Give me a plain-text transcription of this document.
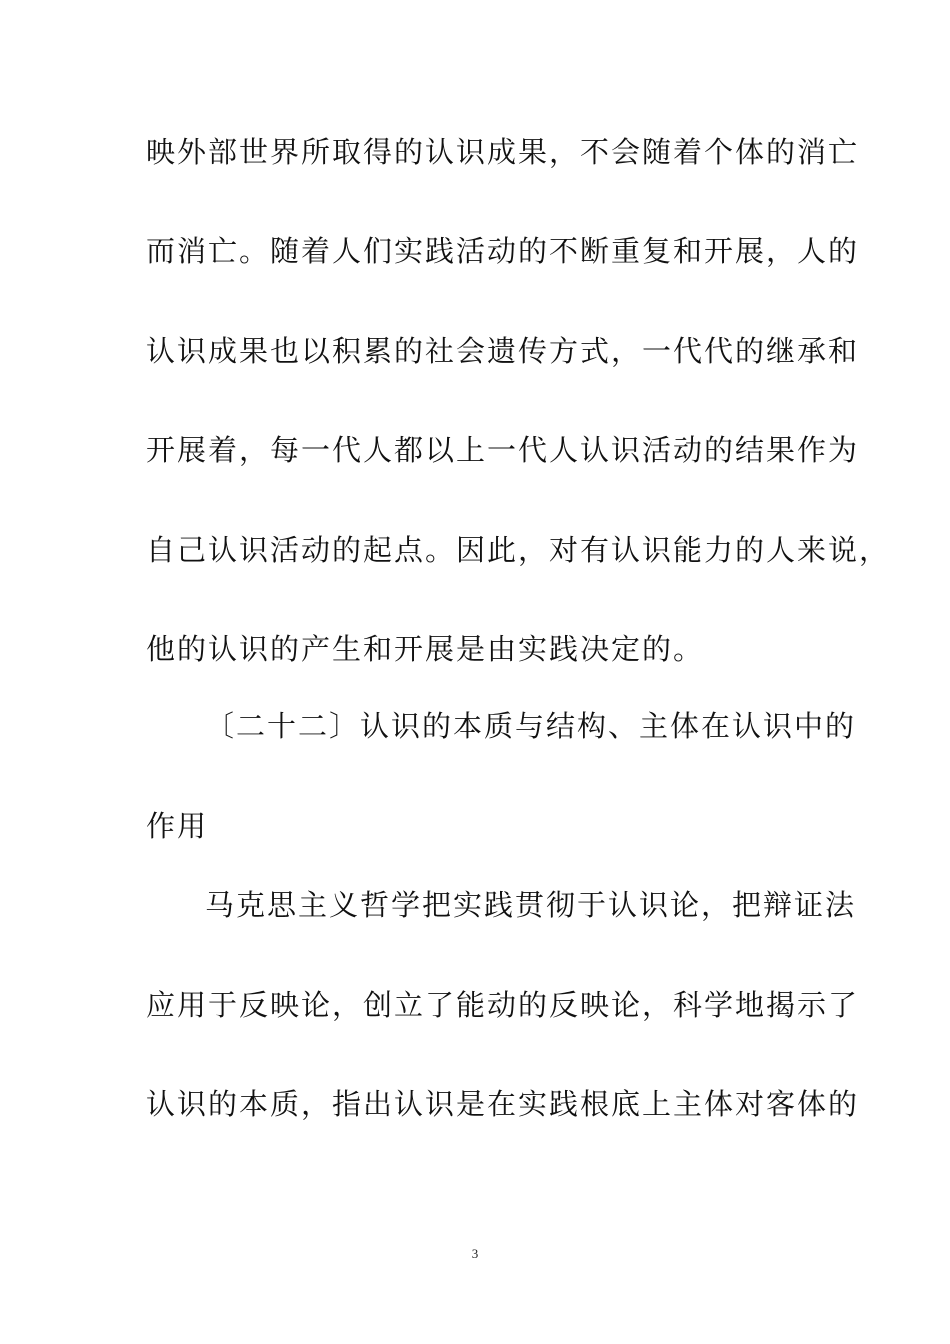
映外部世界所取得的认识成果，不会随着个体的消亡
而消亡。随着人们实践活动的不断重复和开展，人的
认识成果也以积累的社会遗传方式，一代代的继承和
开展着，每一代人都以上一代人认识活动的结果作为
自己认识活动的起点。因此，对有认识能力的人来说，
他的认识的产生和开展是由实践决定的。
〔二十二〕认识的本质与结构、主体在认识中的
作用
马克思主义哲学把实践贯彻于认识论，把辩证法
应用于反映论，创立了能动的反映论，科学地揭示了
认识的本质，指出认识是在实践根底上主体对客体的
3
